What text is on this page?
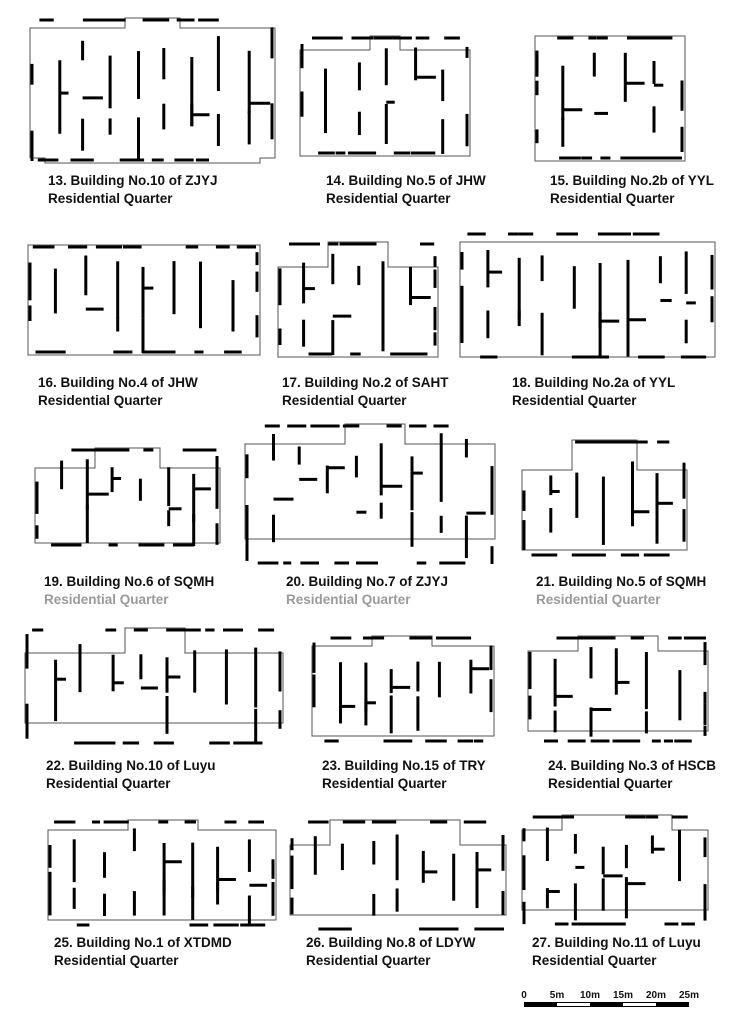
13. Building No.10 of ZJYJ
Residential Quarter
14. Building No.5 of JHW
Residential Quarter
15. Building No.2b of YYL
Residential Quarter
16. Building No.4 of JHW
Residential Quarter
17. Building No.2 of SAHT
Residential Quarter
18. Building No.2a of YYL
Residential Quarter
19. Building No.6 of SQMH
Residential Quarter
20. Building No.7 of ZJYJ
Residential Quarter
21. Building No.5 of SQMH
Residential Quarter
22. Building No.10 of Luyu
Residential Quarter
23. Building No.15 of TRY
Residential Quarter
24. Building No.3 of HSCB
Residential Quarter
25. Building No.1 of XTDMD
Residential Quarter
26. Building No.8 of LDYW
Residential Quarter
27. Building No.11 of Luyu
Residential Quarter
0 5m 10m 15m 20m 25m
